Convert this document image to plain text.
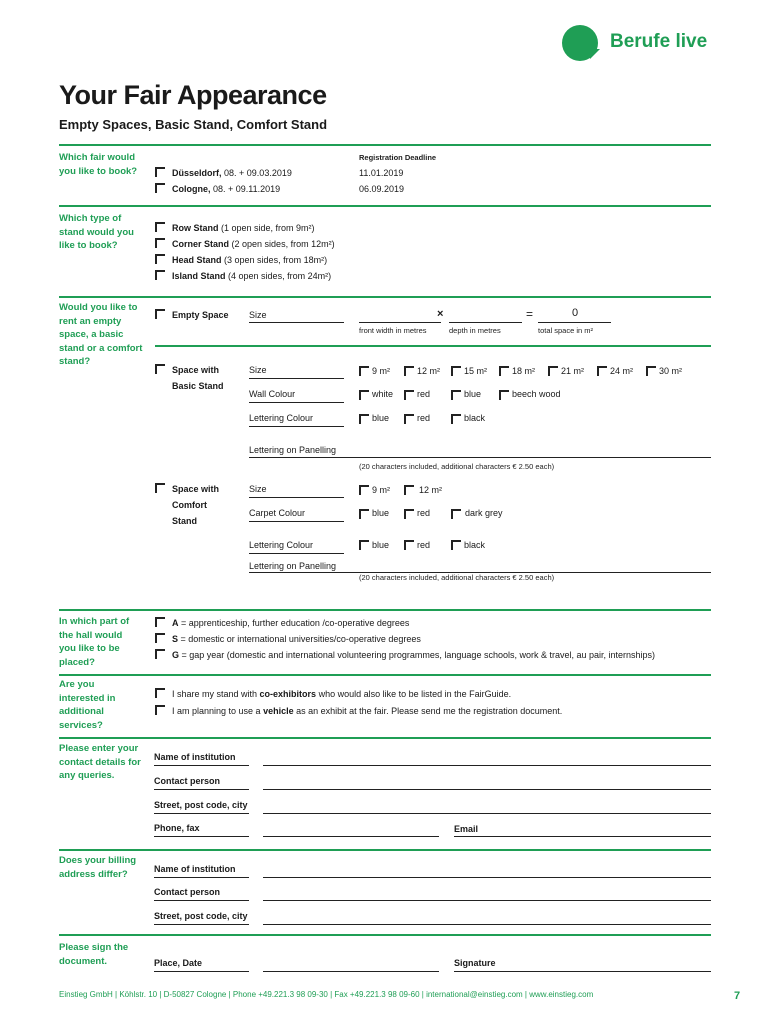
Berufe live
Your Fair Appearance
Empty Spaces, Basic Stand, Comfort Stand
Which fair would you like to book?
Registration Deadline
Düsseldorf, 08. + 09.03.2019	11.01.2019
Cologne, 08. + 09.11.2019	06.09.2019
Which type of stand would you like to book?
Row Stand (1 open side, from 9m²)
Corner Stand (2 open sides, from 12m²)
Head Stand (3 open sides, from 18m²)
Island Stand (4 open sides, from 24m²)
Would you like to rent an empty space, a basic stand or a comfort stand?
Empty Space Size	×	=	0
front width in metres	depth in metres	total space in m²
Space with
Basic Stand
Size	9 m²	12 m²	15 m²	18 m²	21 m²	24 m²	30 m²
Wall Colour	white	red	blue	beech wood
Lettering Colour	blue	red	black
Lettering on Panelling
(20 characters included, additional characters € 2.50 each)
Space with
Comfort
Stand
Size	9 m²	12 m²
Carpet Colour	blue	red	dark grey
Lettering Colour	blue	red	black
Lettering on Panelling
(20 characters included, additional characters € 2.50 each)
In which part of the hall would you like to be placed?
A = apprenticeship, further education /co-operative degrees
S = domestic or international universities/co-operative degrees
G = gap year (domestic and international volunteering programmes, language schools, work & travel, au pair, internships)
Are you interested in additional services?
I share my stand with co-exhibitors who would also like to be listed in the FairGuide.
I am planning to use a vehicle as an exhibit at the fair. Please send me the registration document.
Please enter your contact details for any queries.
Name of institution
Contact person
Street, post code, city
Phone, fax	Email
Does your billing address differ?	Name of institution
Contact person
Street, post code, city
Please sign the document.	Place, Date	Signature
Einstieg GmbH | Köhlstr. 10 | D-50827 Cologne | Phone +49.221.3 98 09-30 | Fax +49.221.3 98 09-60 | international@einstieg.com | www.einstieg.com	7
